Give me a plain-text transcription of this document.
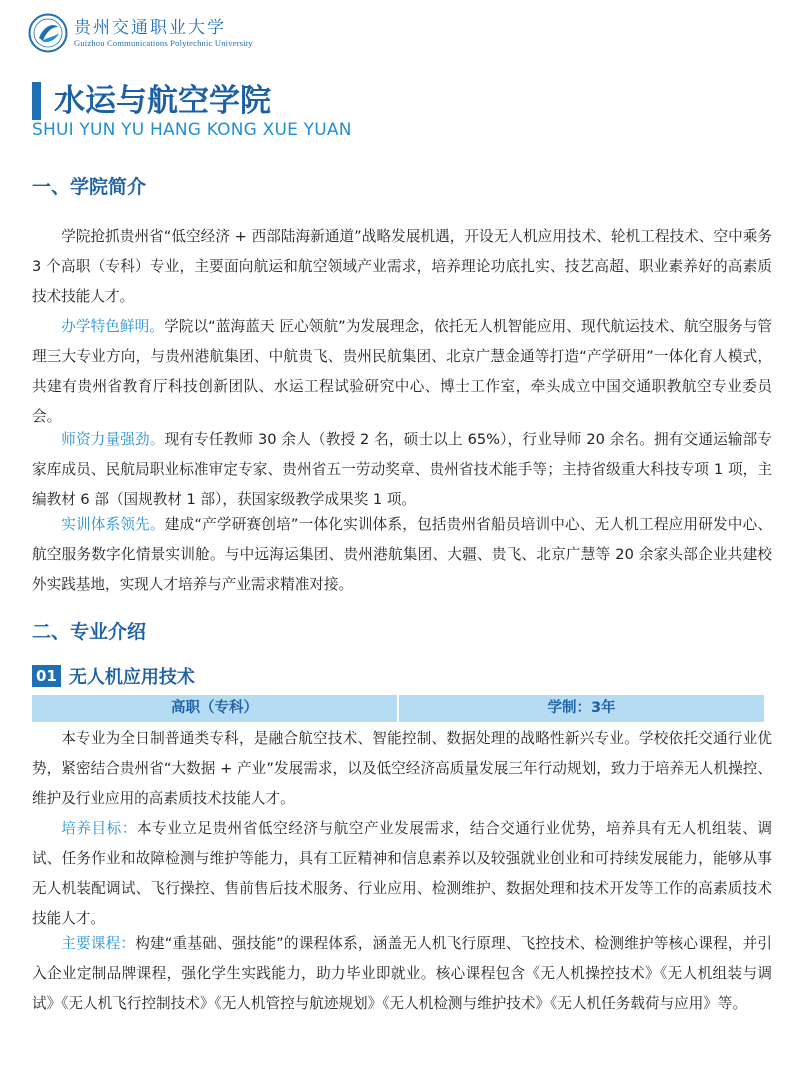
贵州交通职业大学
Guizhou Communications Polytechnic University
水运与航空学院
SHUI YUN YU HANG KONG XUE YUAN
一、学院简介

学院抢抓贵州省“低空经济 + 西部陆海新通道”战略发展机遇，开设无人机应用技术、轮机工程技术、空中乘务 3 个高职（专科）专业，主要面向航运和航空领域产业需求，培养理论功底扎实、技艺高超、职业素养好的高素质技术技能人才。

办学特色鲜明。学院以“蓝海蓝天 匠心领航”为发展理念，依托无人机智能应用、现代航运技术、航空服务与管理三大专业方向，与贵州港航集团、中航贵飞、贵州民航集团、北京广慧金通等打造“产学研用”一体化育人模式，共建有贵州省教育厅科技创新团队、水运工程试验研究中心、博士工作室，牵头成立中国交通职教航空专业委员会。

师资力量强劲。现有专任教师 30 余人（教授 2 名，硕士以上 65%），行业导师 20 余名。拥有交通运输部专家库成员、民航局职业标准审定专家、贵州省五一劳动奖章、贵州省技术能手等；主持省级重大科技专项 1 项，主编教材 6 部（国规教材 1 部），获国家级教学成果奖 1 项。

实训体系领先。建成“产学研赛创培”一体化实训体系，包括贵州省船员培训中心、无人机工程应用研发中心、航空服务数字化情景实训舱。与中远海运集团、贵州港航集团、大疆、贵飞、北京广慧等 20 余家头部企业共建校外实践基地，实现人才培养与产业需求精准对接。

二、专业介绍
01 无人机应用技术
高职（专科）	学制：3年

本专业为全日制普通类专科，是融合航空技术、智能控制、数据处理的战略性新兴专业。学校依托交通行业优势，紧密结合贵州省“大数据 + 产业”发展需求，以及低空经济高质量发展三年行动规划，致力于培养无人机操控、维护及行业应用的高素质技术技能人才。

培养目标：本专业立足贵州省低空经济与航空产业发展需求，结合交通行业优势，培养具有无人机组装、调试、任务作业和故障检测与维护等能力，具有工匠精神和信息素养以及较强就业创业和可持续发展能力，能够从事无人机装配调试、飞行操控、售前售后技术服务、行业应用、检测维护、数据处理和技术开发等工作的高素质技术技能人才。

主要课程：构建“重基础、强技能”的课程体系，涵盖无人机飞行原理、飞控技术、检测维护等核心课程，并引入企业定制品牌课程，强化学生实践能力，助力毕业即就业。核心课程包含《无人机操控技术》《无人机组装与调试》《无人机飞行控制技术》《无人机管控与航迹规划》《无人机检测与维护技术》《无人机任务载荷与应用》等。
